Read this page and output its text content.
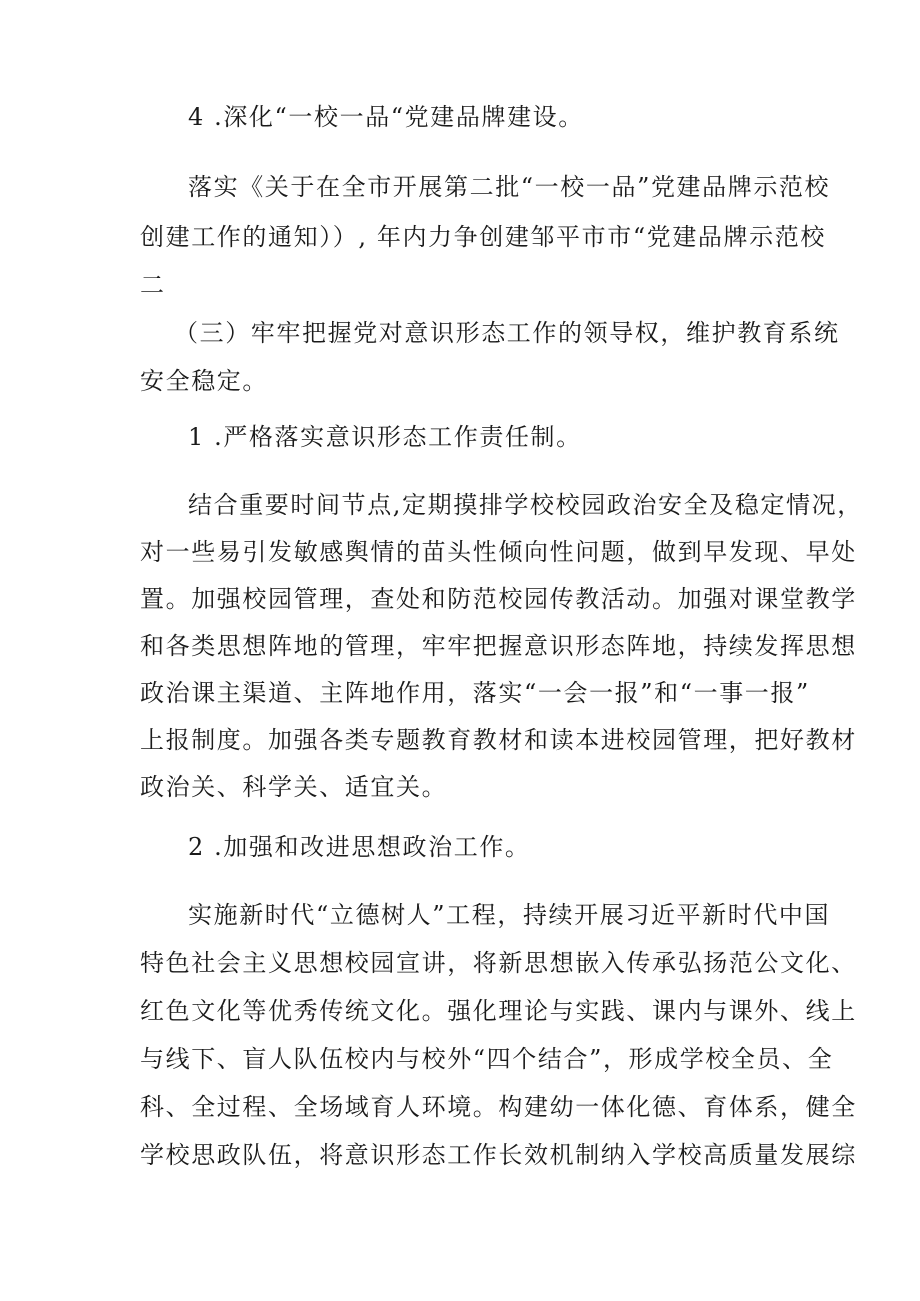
4 .深化“一校一品“党建品牌建设。
落实《关于在全市开展第二批“一校一品”党建品牌示范校
创建工作的通知））, 年内力争创建邹平市市“党建品牌示范校
二
（三）牢牢把握党对意识形态工作的领导权，维护教育系统
安全稳定。
1 .严格落实意识形态工作责任制。
结合重要时间节点,定期摸排学校校园政治安全及稳定情况，
对一些易引发敏感舆情的苗头性倾向性问题，做到早发现、早处
置。加强校园管理，查处和防范校园传教活动。加强对课堂教学
和各类思想阵地的管理，牢牢把握意识形态阵地，持续发挥思想
政治课主渠道、主阵地作用，落实“一会一报”和“一事一报”
上报制度。加强各类专题教育教材和读本进校园管理，把好教材
政治关、科学关、适宜关。
2 .加强和改进思想政治工作。
实施新时代“立德树人”工程，持续开展习近平新时代中国
特色社会主义思想校园宣讲，将新思想嵌入传承弘扬范公文化、
红色文化等优秀传统文化。强化理论与实践、课内与课外、线上
与线下、盲人队伍校内与校外“四个结合”，形成学校全员、全
科、全过程、全场域育人环境。构建幼一体化德、育体系，健全
学校思政队伍，将意识形态工作长效机制纳入学校高质量发展综
